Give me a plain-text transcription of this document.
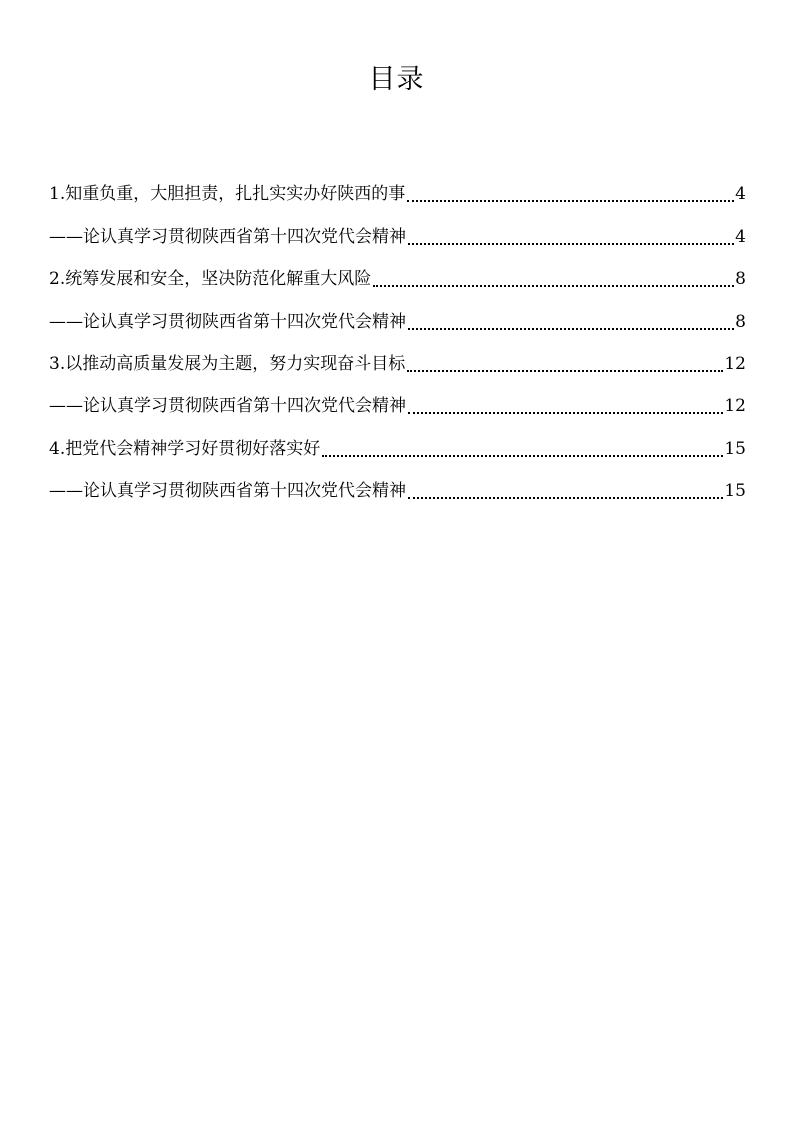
目录
1.知重负重，大胆担责，扎扎实实办好陕西的事	4
——论认真学习贯彻陕西省第十四次党代会精神	4
2.统筹发展和安全，坚决防范化解重大风险	8
——论认真学习贯彻陕西省第十四次党代会精神	8
3.以推动高质量发展为主题，努力实现奋斗目标	12
——论认真学习贯彻陕西省第十四次党代会精神	12
4.把党代会精神学习好贯彻好落实好	15
——论认真学习贯彻陕西省第十四次党代会精神	15
